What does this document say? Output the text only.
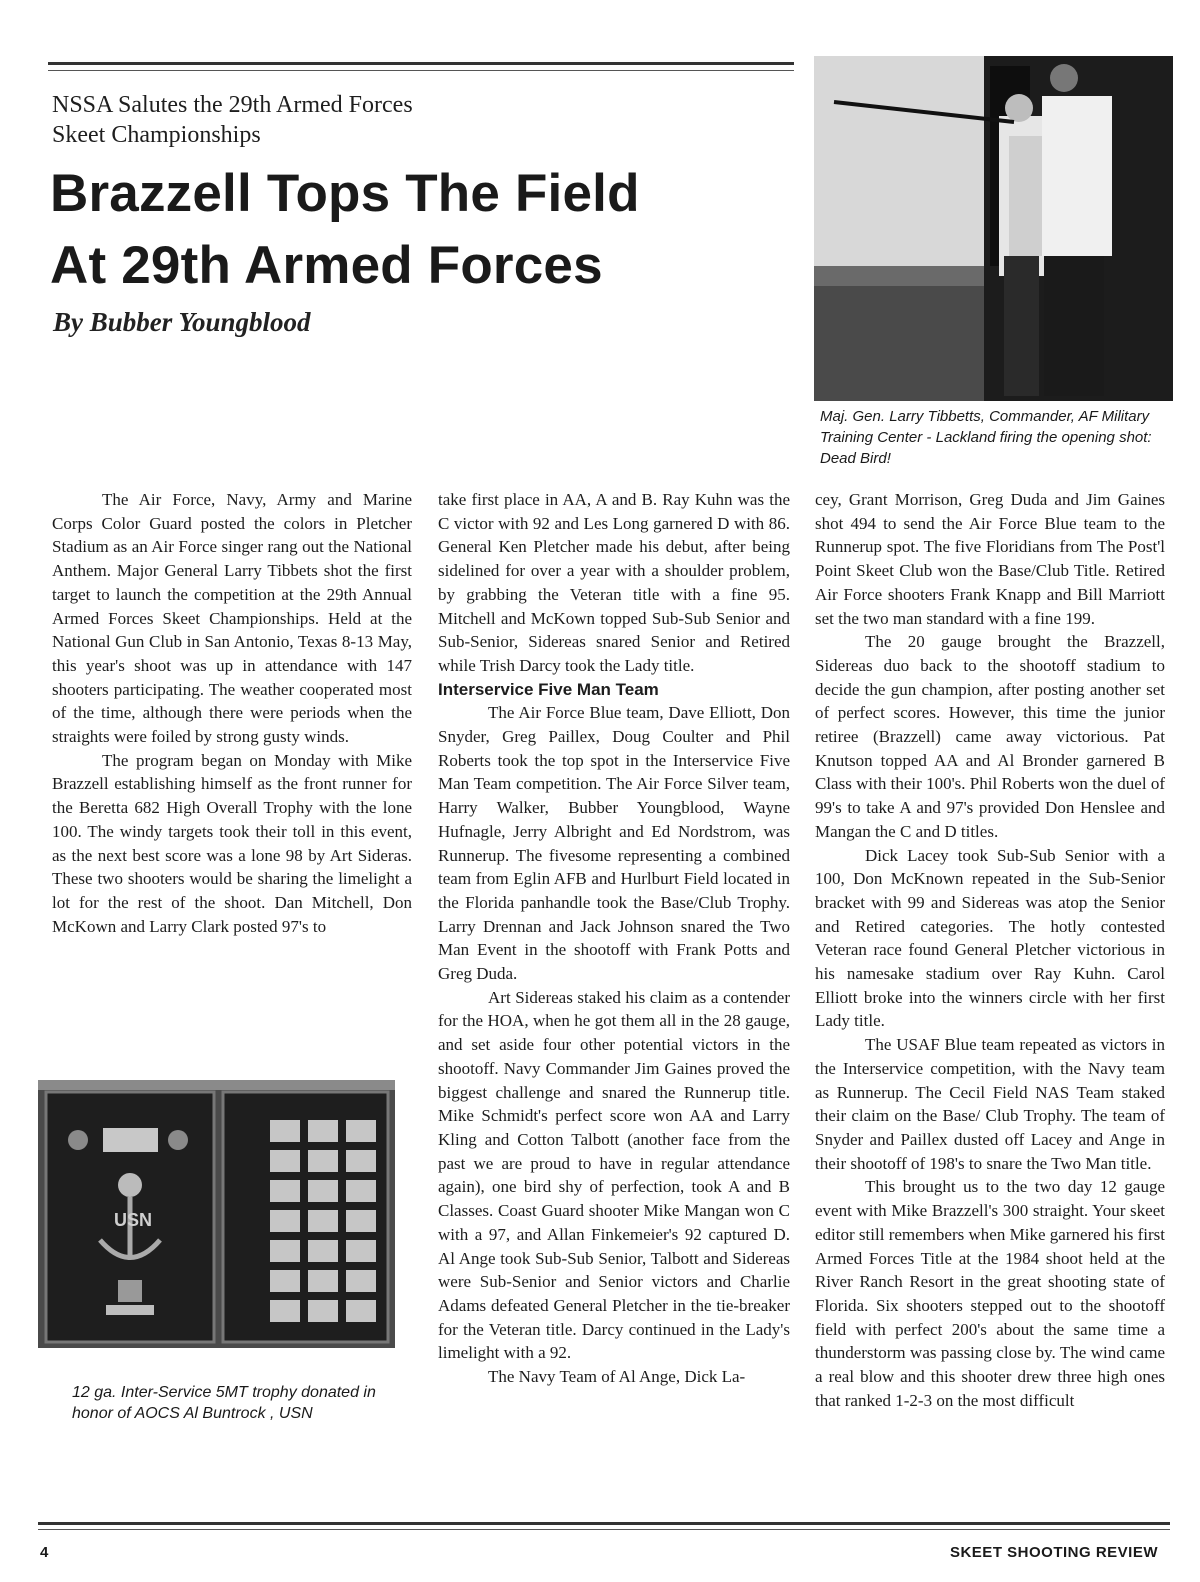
NSSA Salutes the 29th Armed Forces
Skeet Championships
Brazzell Tops The Field
At 29th Armed Forces
By Bubber Youngblood
Maj. Gen. Larry Tibbetts, Commander, AF Military Training Center - Lackland firing the opening shot: Dead Bird!
USN
12 ga. Inter-Service 5MT trophy donated in honor of AOCS Al Buntrock , USN

The Air Force, Navy, Army and Marine Corps Color Guard posted the colors in Pletcher Stadium as an Air Force singer rang out the National Anthem. Major General Larry Tibbets shot the first target to launch the competition at the 29th Annual Armed Forces Skeet Championships. Held at the National Gun Club in San Antonio, Texas 8-13 May, this year's shoot was up in attendance with 147 shooters participating. The weather cooperated most of the time, although there were periods when the straights were foiled by strong gusty winds.

The program began on Monday with Mike Brazzell establishing himself as the front runner for the Beretta 682 High Overall Trophy with the lone 100. The windy targets took their toll in this event, as the next best score was a lone 98 by Art Sideras. These two shooters would be sharing the limelight a lot for the rest of the shoot. Dan Mitchell, Don McKown and Larry Clark posted 97's to

take first place in AA, A and B. Ray Kuhn was the C victor with 92 and Les Long garnered D with 86. General Ken Pletcher made his debut, after being sidelined for over a year with a shoulder problem, by grabbing the Veteran title with a fine 95. Mitchell and McKown topped Sub-Sub Senior and Sub-Senior, Sidereas snared Senior and Retired while Trish Darcy took the Lady title.

Interservice Five Man Team

The Air Force Blue team, Dave Elliott, Don Snyder, Greg Paillex, Doug Coulter and Phil Roberts took the top spot in the Interservice Five Man Team competition. The Air Force Silver team, Harry Walker, Bubber Youngblood, Wayne Hufnagle, Jerry Albright and Ed Nordstrom, was Runnerup. The fivesome representing a combined team from Eglin AFB and Hurlburt Field located in the Florida panhandle took the Base/Club Trophy. Larry Drennan and Jack Johnson snared the Two Man Event in the shootoff with Frank Potts and Greg Duda.

Art Sidereas staked his claim as a contender for the HOA, when he got them all in the 28 gauge, and set aside four other potential victors in the shootoff. Navy Commander Jim Gaines proved the biggest challenge and snared the Runnerup title. Mike Schmidt's perfect score won AA and Larry Kling and Cotton Talbott (another face from the past we are proud to have in regular attendance again), one bird shy of perfection, took A and B Classes. Coast Guard shooter Mike Mangan won C with a 97, and Allan Finkemeier's 92 captured D. Al Ange took Sub-Sub Senior, Talbott and Sidereas were Sub-Senior and Senior victors and Charlie Adams defeated General Pletcher in the tie-breaker for the Veteran title. Darcy continued in the Lady's limelight with a 92.

The Navy Team of Al Ange, Dick La-

cey, Grant Morrison, Greg Duda and Jim Gaines shot 494 to send the Air Force Blue team to the Runnerup spot. The five Floridians from The Post'l Point Skeet Club won the Base/Club Title. Retired Air Force shooters Frank Knapp and Bill Marriott set the two man standard with a fine 199.

The 20 gauge brought the Brazzell, Sidereas duo back to the shootoff stadium to decide the gun champion, after posting another set of perfect scores. However, this time the junior retiree (Brazzell) came away victorious. Pat Knutson topped AA and Al Bronder garnered B Class with their 100's. Phil Roberts won the duel of 99's to take A and 97's provided Don Henslee and Mangan the C and D titles.

Dick Lacey took Sub-Sub Senior with a 100, Don McKnown repeated in the Sub-Senior bracket with 99 and Sidereas was atop the Senior and Retired categories. The hotly contested Veteran race found General Pletcher victorious in his namesake stadium over Ray Kuhn. Carol Elliott broke into the winners circle with her first Lady title.

The USAF Blue team repeated as victors in the Interservice competition, with the Navy team as Runnerup. The Cecil Field NAS Team staked their claim on the Base/ Club Trophy. The team of Snyder and Paillex dusted off Lacey and Ange in their shootoff of 198's to snare the Two Man title.

This brought us to the two day 12 gauge event with Mike Brazzell's 300 straight. Your skeet editor still remembers when Mike garnered his first Armed Forces Title at the 1984 shoot held at the River Ranch Resort in the great shooting state of Florida. Six shooters stepped out to the shootoff field with perfect 200's about the same time a thunderstorm was passing close by. The wind came a real blow and this shooter drew three high ones that ranked 1-2-3 on the most difficult

4	SKEET SHOOTING REVIEW
